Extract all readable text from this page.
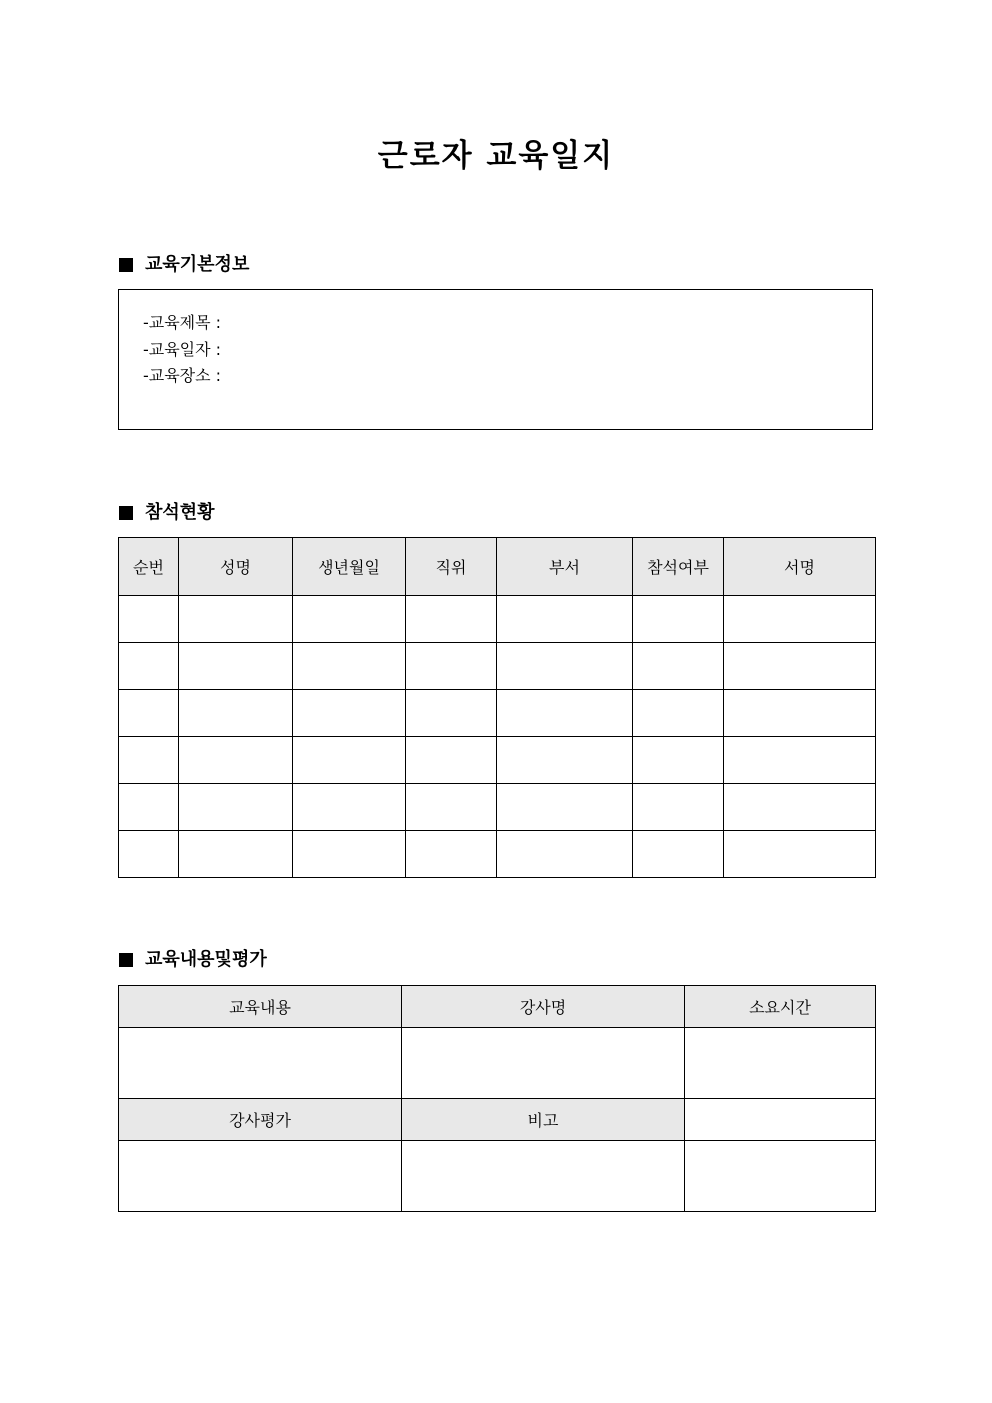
근로자 교육일지
교육기본정보
-교육제목 :
-교육일자 :
-교육장소 :
참석현황
순번	성명	생년월일	직위	부서	참석여부	서명

교육내용및평가
교육내용	강사명	소요시간

강사평가	비고	
